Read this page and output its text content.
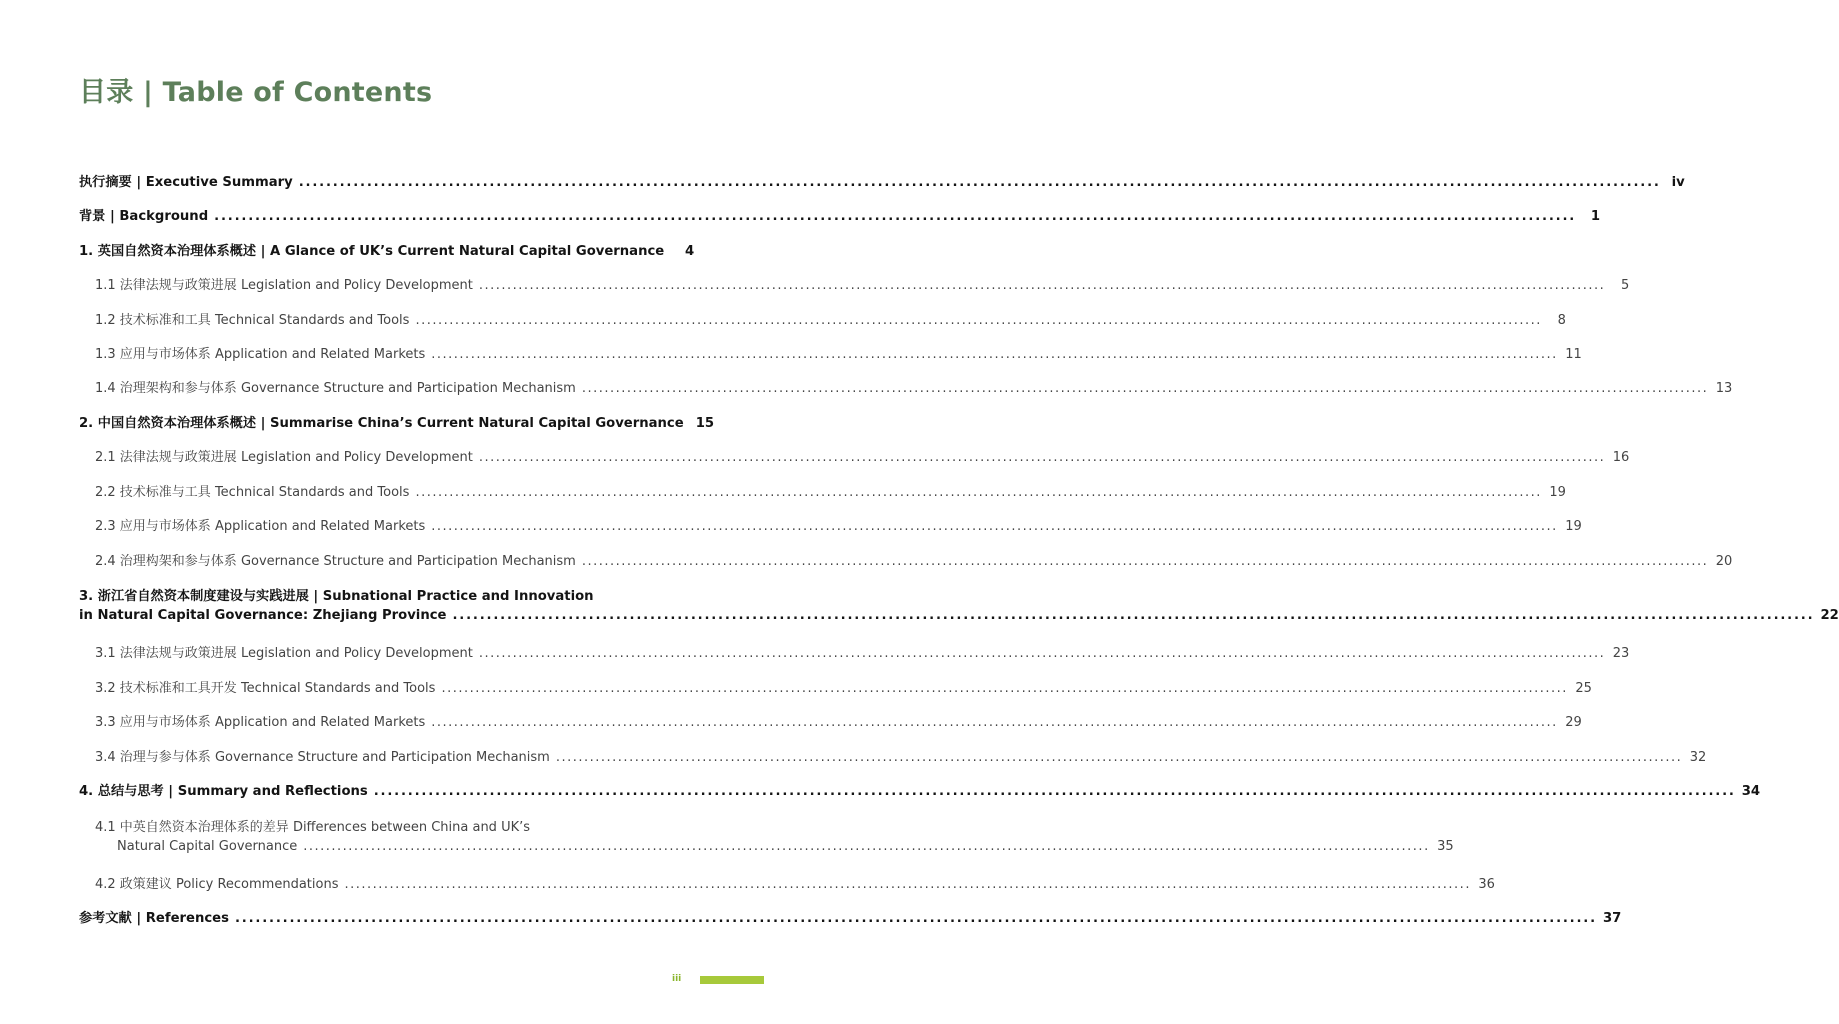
目录 | Table of Contents
执行摘要 | Executive Summary ........................................................................................................................................................................................................ iv
背景 | Background ........................................................................................................................................................................................................	1
1. 英国自然资本治理体系概述 | A Glance of UK’s Current Natural Capital Governance	4
1.1 法律法规与政策进展 Legislation and Policy Development ........................................................................................................................................................................................................	5
1.2 技术标准和工具 Technical Standards and Tools ........................................................................................................................................................................................................	8
1.3 应用与市场体系 Application and Related Markets ........................................................................................................................................................................................................ 11
1.4 治理架构和参与体系 Governance Structure and Participation Mechanism ........................................................................................................................................................................................................ 13
2. 中国自然资本治理体系概述 | Summarise China’s Current Natural Capital Governance 15
2.1 法律法规与政策进展 Legislation and Policy Development ........................................................................................................................................................................................................ 16
2.2 技术标准与工具 Technical Standards and Tools ........................................................................................................................................................................................................ 19
2.3 应用与市场体系 Application and Related Markets ........................................................................................................................................................................................................ 19
2.4 治理构架和参与体系 Governance Structure and Participation Mechanism ........................................................................................................................................................................................................ 20
3. 浙江省自然资本制度建设与实践进展 | Subnational Practice and Innovation
in Natural Capital Governance: Zhejiang Province ........................................................................................................................................................................................................ 22
3.1 法律法规与政策进展 Legislation and Policy Development ........................................................................................................................................................................................................ 23
3.2 技术标准和工具开发 Technical Standards and Tools ........................................................................................................................................................................................................ 25
3.3 应用与市场体系 Application and Related Markets ........................................................................................................................................................................................................ 29
3.4 治理与参与体系 Governance Structure and Participation Mechanism ........................................................................................................................................................................................................ 32
4. 总结与思考 | Summary and Reflections ........................................................................................................................................................................................................ 34
4.1 中英自然资本治理体系的差异 Differences between China and UK’s
Natural Capital Governance ........................................................................................................................................................................................................ 35
4.2 政策建议 Policy Recommendations ........................................................................................................................................................................................................ 36
参考文献 | References ........................................................................................................................................................................................................ 37
iii
